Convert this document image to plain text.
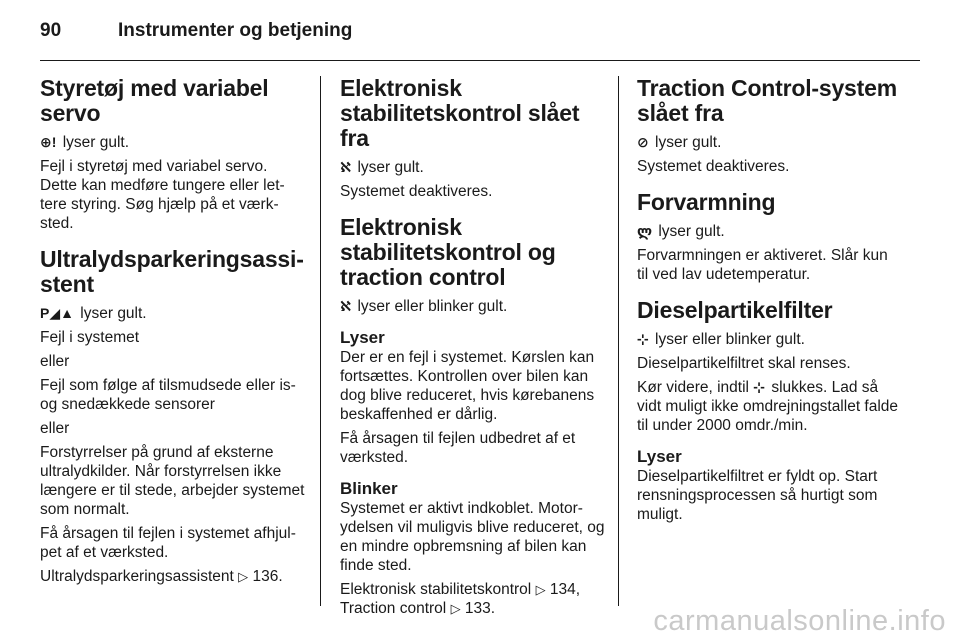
90	Instrumenter og betjening
Styretøj med variabel servo

⊕! lyser gult.

Fejl i styretøj med variabel servo. Dette kan medføre tungere eller lettere styring. Søg hjælp på et værksted.

Ultralydsparkeringsassistent

P◢▲ lyser gult.

Fejl i systemet

eller

Fejl som følge af tilsmudsede eller is- og snedækkede sensorer

eller

Forstyrrelser på grund af eksterne ultralydkilder. Når forstyrrelsen ikke længere er til stede, arbejder systemet som normalt.

Få årsagen til fejlen i systemet afhjulpet af et værksted.

Ultralydsparkeringsassistent ▷ 136.

Elektronisk stabilitetskontrol slået fra

ℵ lyser gult.

Systemet deaktiveres.

Elektronisk stabilitetskontrol og traction control

ℵ lyser eller blinker gult.

Lyser

Der er en fejl i systemet. Kørslen kan fortsættes. Kontrollen over bilen kan dog blive reduceret, hvis kørebanens beskaffenhed er dårlig.

Få årsagen til fejlen udbedret af et værksted.

Blinker

Systemet er aktivt indkoblet. Motorydelsen vil muligvis blive reduceret, og en mindre opbremsning af bilen kan finde sted.

Elektronisk stabilitetskontrol ▷ 134,

Traction control ▷ 133.

Traction Control-system slået fra

⊘ lyser gult.

Systemet deaktiveres.

Forvarmning

ლ lyser gult.

Forvarmningen er aktiveret. Slår kun til ved lav udetemperatur.

Dieselpartikelfilter

⊹ lyser eller blinker gult.

Dieselpartikelfiltret skal renses.

Kør videre, indtil ⊹ slukkes. Lad så vidt muligt ikke omdrejningstallet falde til under 2000 omdr./min.

Lyser

Dieselpartikelfiltret er fyldt op. Start rensningsprocessen så hurtigt som muligt.

carmanualsonline.info
